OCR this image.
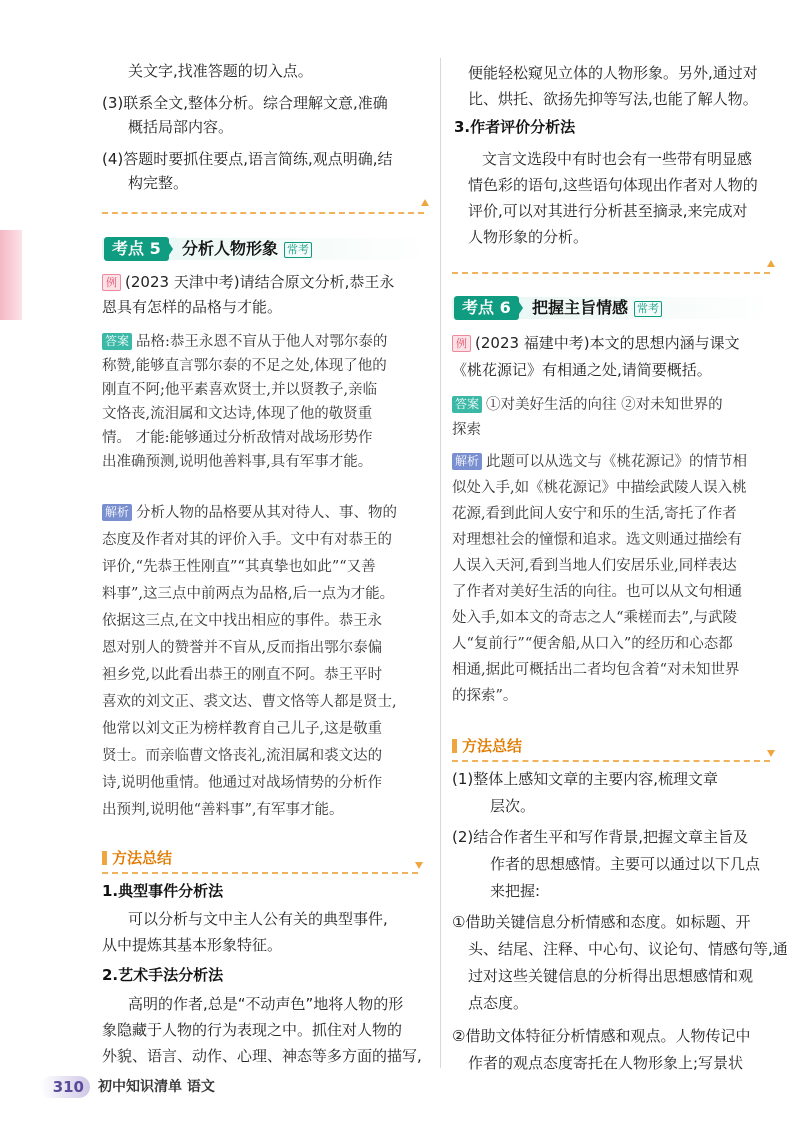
关文字,找准答题的切入点。
(3)联系全文,整体分析。综合理解文意,准确
概括局部内容。
(4)答题时要抓住要点,语言简练,观点明确,结
构完整。
考点 5	分析人物形象 常考
例 (2023 天津中考)请结合原文分析,恭王永
恩具有怎样的品格与才能。
答案 品格:恭王永恩不盲从于他人对鄂尔泰的
称赞,能够直言鄂尔泰的不足之处,体现了他的
刚直不阿;他平素喜欢贤士,并以贤教子,亲临
文恪丧,流泪属和文达诗,体现了他的敬贤重
情。 才能:能够通过分析敌情对战场形势作
出准确预测,说明他善料事,具有军事才能。
解析 分析人物的品格要从其对待人、事、物的
态度及作者对其的评价入手。文中有对恭王的
评价,“先恭王性刚直”“其真挚也如此”“又善
料事”,这三点中前两点为品格,后一点为才能。
依据这三点,在文中找出相应的事件。恭王永
恩对别人的赞誉并不盲从,反而指出鄂尔泰偏
袒乡党,以此看出恭王的刚直不阿。恭王平时
喜欢的刘文正、裘文达、曹文恪等人都是贤士,
他常以刘文正为榜样教育自己儿子,这是敬重
贤士。而亲临曹文恪丧礼,流泪属和裘文达的
诗,说明他重情。他通过对战场情势的分析作
出预判,说明他“善料事”,有军事才能。
方法总结
1.典型事件分析法
可以分析与文中主人公有关的典型事件,
从中提炼其基本形象特征。
2.艺术手法分析法
高明的作者,总是“不动声色”地将人物的形
象隐藏于人物的行为表现之中。抓住对人物的
外貌、语言、动作、心理、神态等多方面的描写,
便能轻松窥见立体的人物形象。另外,通过对
比、烘托、欲扬先抑等写法,也能了解人物。
3.作者评价分析法
文言文选段中有时也会有一些带有明显感
情色彩的语句,这些语句体现出作者对人物的
评价,可以对其进行分析甚至摘录,来完成对
人物形象的分析。
考点 6	把握主旨情感 常考
例 (2023 福建中考)本文的思想内涵与课文
《桃花源记》有相通之处,请简要概括。
答案 ①对美好生活的向往 ②对未知世界的
探索
解析 此题可以从选文与《桃花源记》的情节相
似处入手,如《桃花源记》中描绘武陵人误入桃
花源,看到此间人安宁和乐的生活,寄托了作者
对理想社会的憧憬和追求。选文则通过描绘有
人误入天河,看到当地人们安居乐业,同样表达
了作者对美好生活的向往。也可以从文句相通
处入手,如本文的奇志之人“乘槎而去”,与武陵
人“复前行”“便舍船,从口入”的经历和心态都
相通,据此可概括出二者均包含着“对未知世界
的探索”。
方法总结
(1)整体上感知文章的主要内容,梳理文章
层次。
(2)结合作者生平和写作背景,把握文章主旨及
作者的思想感情。主要可以通过以下几点
来把握:
①借助关键信息分析情感和态度。如标题、开
头、结尾、注释、中心句、议论句、情感句等,通
过对这些关键信息的分析得出思想感情和观
点态度。
②借助文体特征分析情感和观点。人物传记中
作者的观点态度寄托在人物形象上;写景状
310	初中知识清单 语文
